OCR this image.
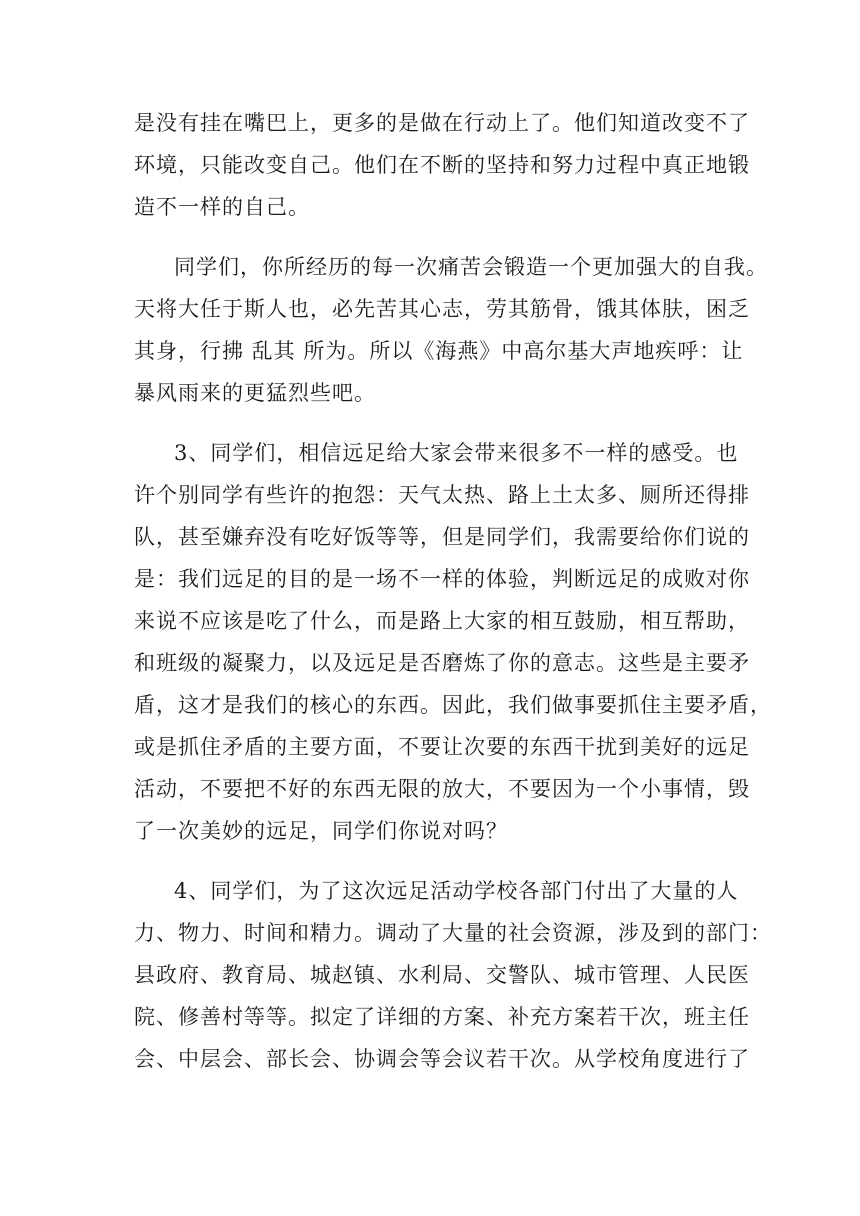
是没有挂在嘴巴上，更多的是做在行动上了。他们知道改变不了
环境，只能改变自己。他们在不断的坚持和努力过程中真正地锻
造不一样的自己。
同学们，你所经历的每一次痛苦会锻造一个更加强大的自我。
天将大任于斯人也，必先苦其心志，劳其筋骨，饿其体肤，困乏
其身，行拂 乱其 所为。所以《海燕》中高尔基大声地疾呼：让
暴风雨来的更猛烈些吧。
3、同学们，相信远足给大家会带来很多不一样的感受。也
许个别同学有些许的抱怨：天气太热、路上土太多、厕所还得排
队，甚至嫌弃没有吃好饭等等，但是同学们，我需要给你们说的
是：我们远足的目的是一场不一样的体验，判断远足的成败对你
来说不应该是吃了什么，而是路上大家的相互鼓励，相互帮助，
和班级的凝聚力，以及远足是否磨炼了你的意志。这些是主要矛
盾，这才是我们的核心的东西。因此，我们做事要抓住主要矛盾，
或是抓住矛盾的主要方面，不要让次要的东西干扰到美好的远足
活动，不要把不好的东西无限的放大，不要因为一个小事情，毁
了一次美妙的远足，同学们你说对吗？
4、同学们，为了这次远足活动学校各部门付出了大量的人
力、物力、时间和精力。调动了大量的社会资源，涉及到的部门：
县政府、教育局、城赵镇、水利局、交警队、城市管理、人民医
院、修善村等等。拟定了详细的方案、补充方案若干次，班主任
会、中层会、部长会、协调会等会议若干次。从学校角度进行了
